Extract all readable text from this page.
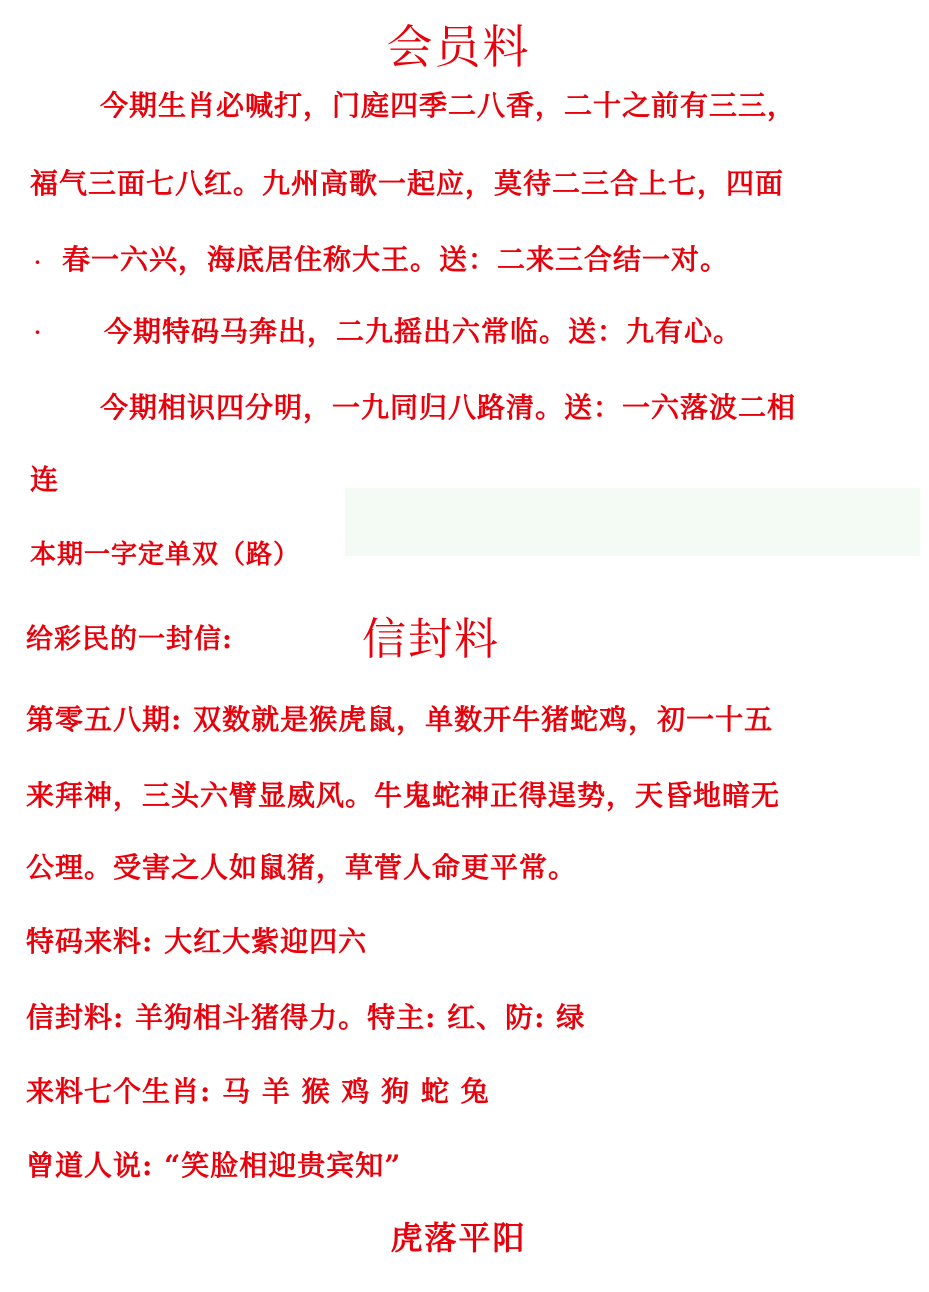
会员料
今期生肖必喊打，门庭四季二八香，二十之前有三三，
福气三面七八红。九州高歌一起应，莫待二三合上七，四面
春一六兴，海底居住称大王。送：二来三合结一对。
·
· 今期特码马奔出，二九摇出六常临。送：九有心。
今期相识四分明，一九同归八路清。送：一六落波二相
连
本期一字定单双（路）
给彩民的一封信:	信封料
第零五八期: 双数就是猴虎鼠，单数开牛猪蛇鸡，初一十五
来拜神，三头六臂显威风。牛鬼蛇神正得逞势，天昏地暗无
公理。受害之人如鼠猪，草菅人命更平常。
特码来料: 大红大紫迎四六
信封料: 羊狗相斗猪得力。特主: 红、防: 绿
来料七个生肖: 马 羊 猴 鸡 狗 蛇 兔
曾道人说: “笑脸相迎贵宾知”
虎落平阳
